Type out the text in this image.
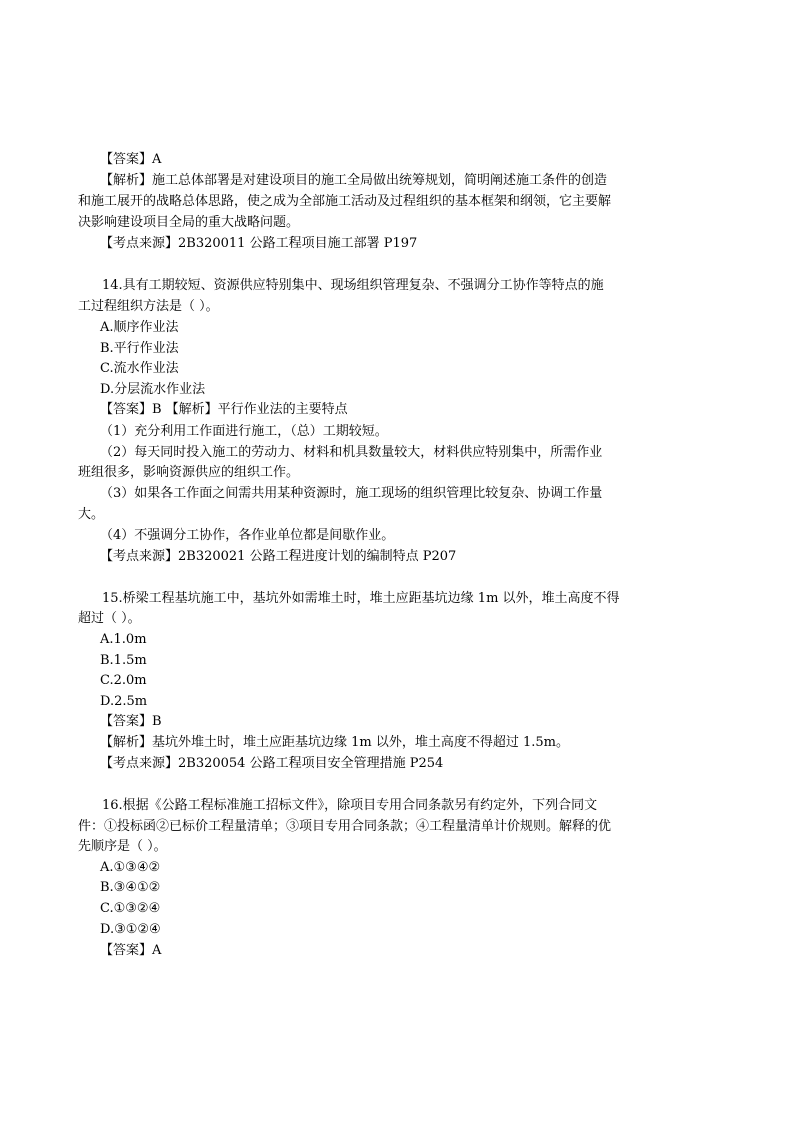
【答案】A
【解析】施工总体部署是对建设项目的施工全局做出统筹规划，简明阐述施工条件的创造
和施工展开的战略总体思路，使之成为全部施工活动及过程组织的基本框架和纲领，它主要解
决影响建设项目全局的重大战略问题。
【考点来源】2B320011 公路工程项目施工部署 P197
14.具有工期较短、资源供应特别集中、现场组织管理复杂、不强调分工协作等特点的施
工过程组织方法是（ ）。
A.顺序作业法
B.平行作业法
C.流水作业法
D.分层流水作业法
【答案】B 【解析】平行作业法的主要特点
（1）充分利用工作面进行施工，（总）工期较短。
（2）每天同时投入施工的劳动力、材料和机具数量较大，材料供应特别集中，所需作业
班组很多，影响资源供应的组织工作。
（3）如果各工作面之间需共用某种资源时，施工现场的组织管理比较复杂、协调工作量
大。
（4）不强调分工协作，各作业单位都是间歇作业。
【考点来源】2B320021 公路工程进度计划的编制特点 P207
15.桥梁工程基坑施工中，基坑外如需堆土时，堆土应距基坑边缘 1m 以外，堆土高度不得
超过（ ）。
A.1.0m
B.1.5m
C.2.0m
D.2.5m
【答案】B
【解析】基坑外堆土时，堆土应距基坑边缘 1m 以外，堆土高度不得超过 1.5m。
【考点来源】2B320054 公路工程项目安全管理措施 P254
16.根据《公路工程标准施工招标文件》，除项目专用合同条款另有约定外，下列合同文
件：①投标函②已标价工程量清单；③项目专用合同条款；④工程量清单计价规则。解释的优
先顺序是（ ）。
A.①③④②
B.③④①②
C.①③②④
D.③①②④
【答案】A
